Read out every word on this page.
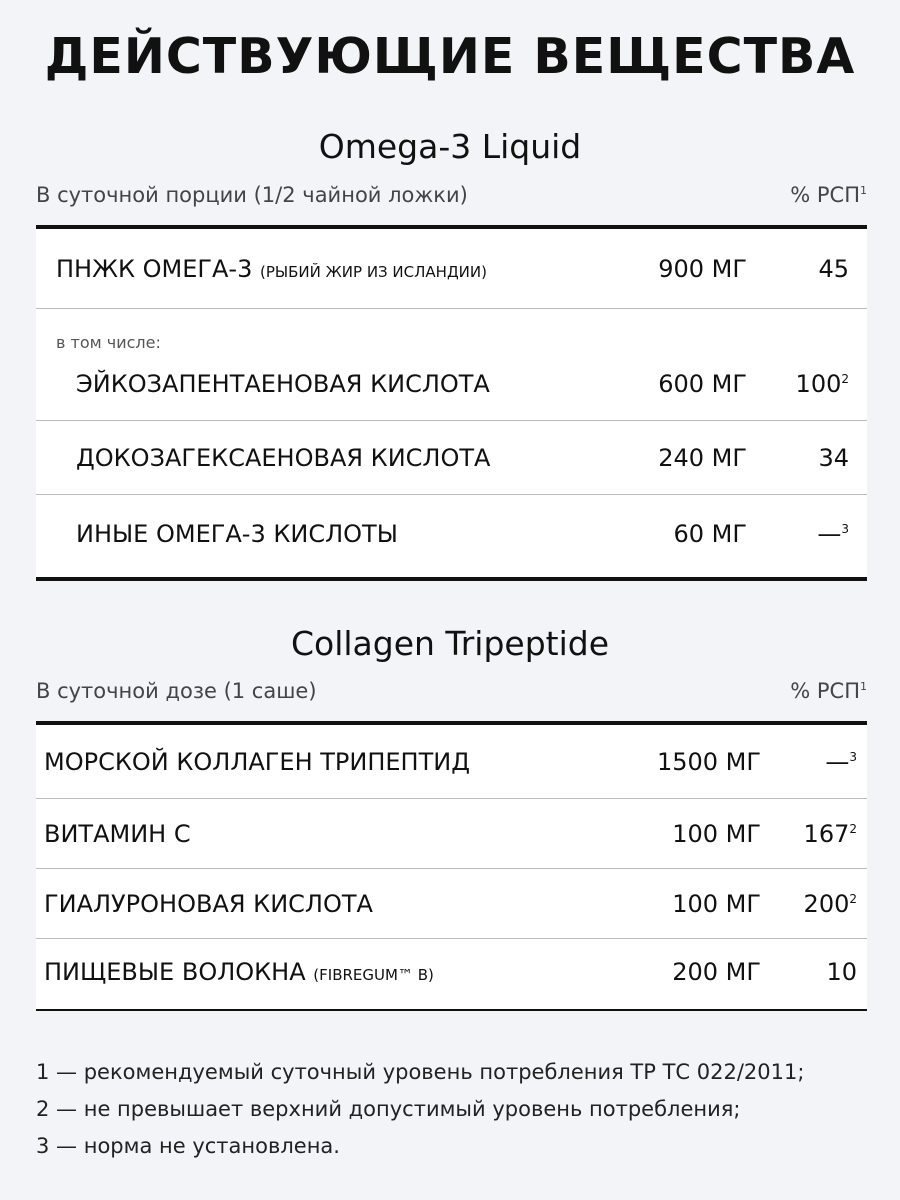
ДЕЙСТВУЮЩИЕ ВЕЩЕСТВА
Omega-3 Liquid
В суточной порции (1/2 чайной ложки)	% РСП$^1$
ПНЖК ОМЕГА-3 (РЫБИЙ ЖИР ИЗ ИСЛАНДИИ)	900 МГ	45
в том числе:
ЭЙКОЗАПЕНТАЕНОВАЯ КИСЛОТА	600 МГ $100^2$
ДОКОЗАГЕКСАЕНОВАЯ КИСЛОТА	240 МГ	34
ИНЫЕ ОМЕГА-3 КИСЛОТЫ	60 МГ	—$^3$
Collagen Tripeptide
В суточной дозе (1 саше)	% РСП$^1$
МОРСКОЙ КОЛЛАГЕН ТРИПЕПТИД	1500 МГ	—$^3$
ВИТАМИН С	100 МГ $167^2$
ГИАЛУРОНОВАЯ КИСЛОТА	100 МГ $200^2$
ПИЩЕВЫЕ ВОЛОКНА (FIBREGUM™ B)	200 МГ	10
1 — рекомендуемый суточный уровень потребления ТР ТС 022/2011;
2 — не превышает верхний допустимый уровень потребления;
3 — норма не установлена.
